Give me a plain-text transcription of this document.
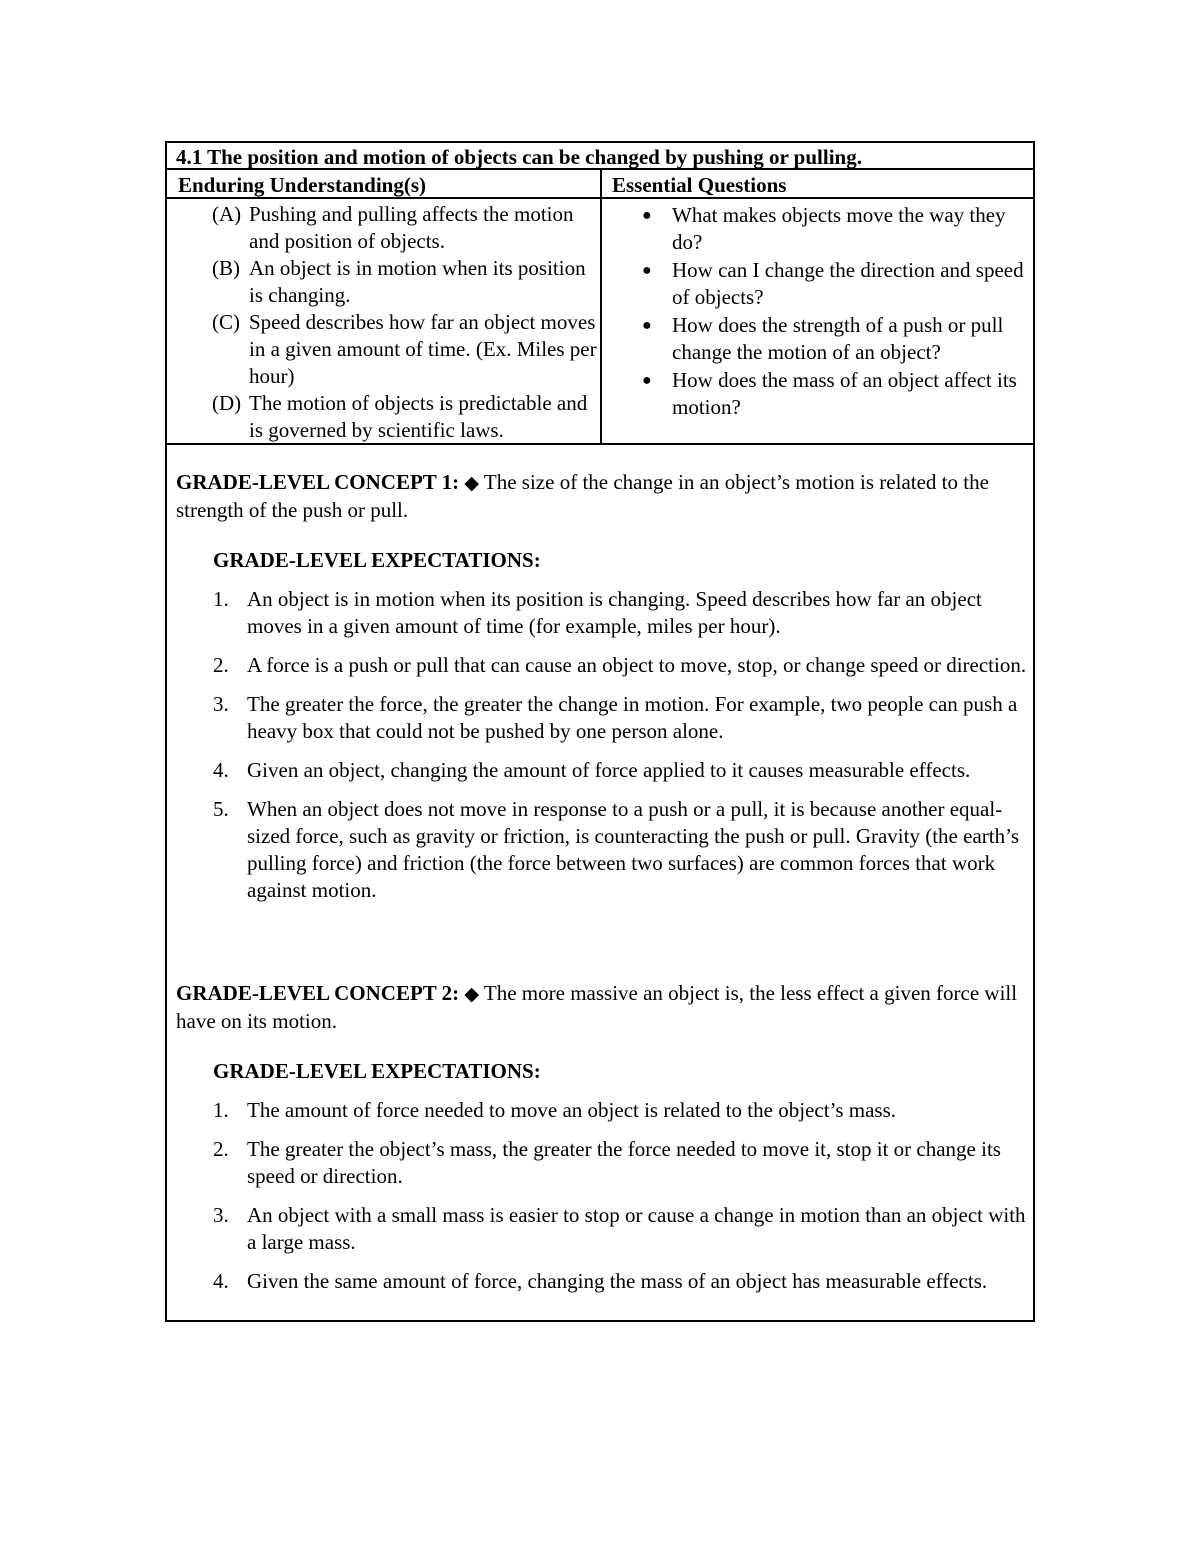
4.1 The position and motion of objects can be changed by pushing or pulling.
Enduring Understanding(s)	Essential Questions
(A) Pushing and pulling affects the motion and position of objects.
(B) An object is in motion when its position is changing.
(C) Speed describes how far an object moves in a given amount of time. (Ex. Miles per hour)
(D) The motion of objects is predictable and is governed by scientific laws.
● What makes objects move the way they do?
● How can I change the direction and speed of objects?
● How does the strength of a push or pull change the motion of an object?
● How does the mass of an object affect its motion?

GRADE-LEVEL CONCEPT 1: ◆ The size of the change in an object’s motion is related to the strength of the push or pull.

GRADE-LEVEL EXPECTATIONS:

1. An object is in motion when its position is changing. Speed describes how far an object moves in a given amount of time (for example, miles per hour).
2. A force is a push or pull that can cause an object to move, stop, or change speed or direction.
3. The greater the force, the greater the change in motion. For example, two people can push a heavy box that could not be pushed by one person alone.
4. Given an object, changing the amount of force applied to it causes measurable effects.
5. When an object does not move in response to a push or a pull, it is because another equal-sized force, such as gravity or friction, is counteracting the push or pull. Gravity (the earth’s pulling force) and friction (the force between two surfaces) are common forces that work against motion.

GRADE-LEVEL CONCEPT 2: ◆ The more massive an object is, the less effect a given force will have on its motion.

GRADE-LEVEL EXPECTATIONS:

1. The amount of force needed to move an object is related to the object’s mass.
2. The greater the object’s mass, the greater the force needed to move it, stop it or change its speed or direction.
3. An object with a small mass is easier to stop or cause a change in motion than an object with a large mass.
4. Given the same amount of force, changing the mass of an object has measurable effects.
